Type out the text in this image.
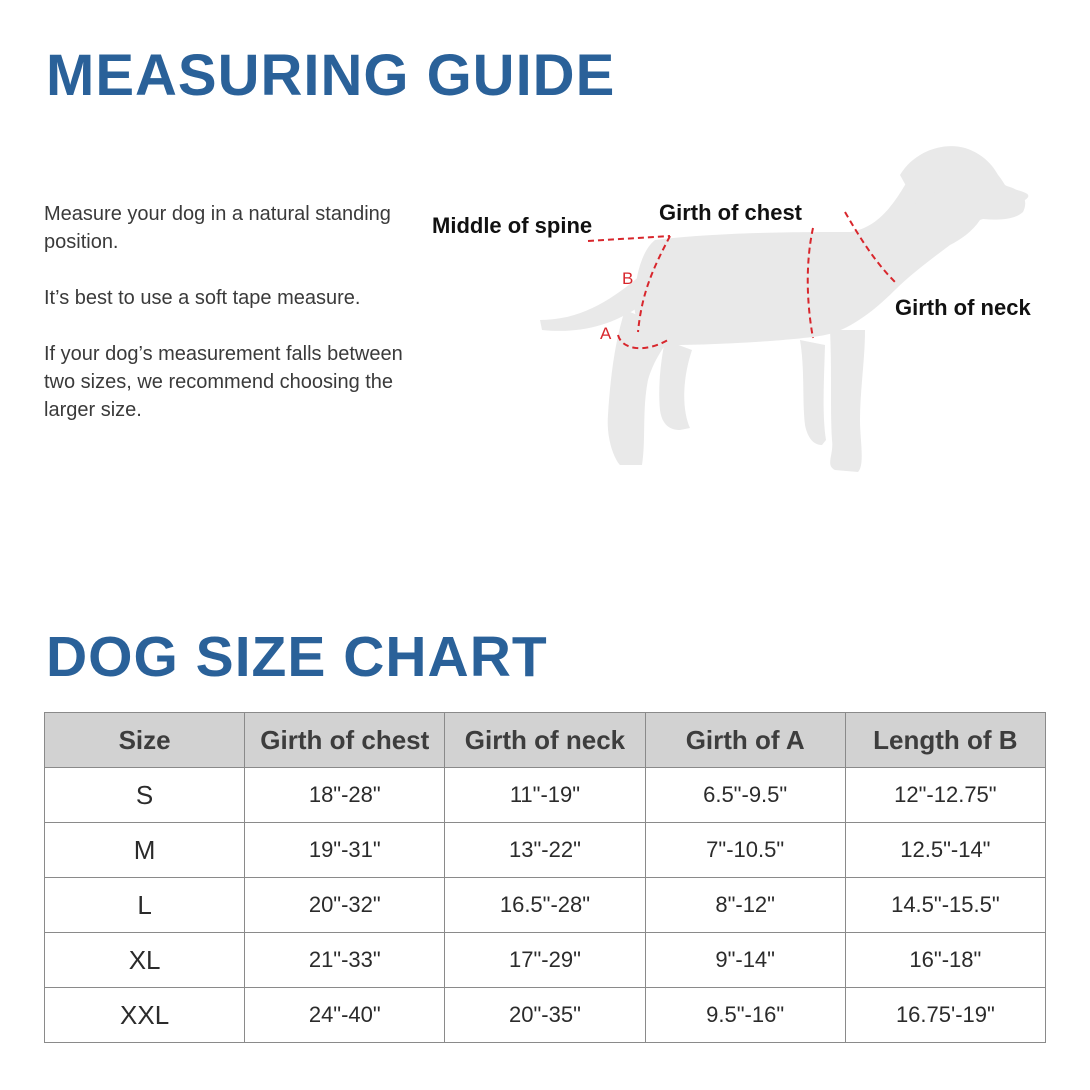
MEASURING GUIDE

Measure your dog in a natural standing position.

It’s best to use a soft tape measure.

If your dog’s measurement falls between two sizes, we recommend choosing the larger size.

Middle of spine
Girth of chest
Girth of neck
B
A
DOG SIZE CHART
Size	Girth of chest	Girth of neck	Girth of A	Length of B
S	18"-28"	11"-19"	6.5"-9.5"	12"-12.75"
M	19"-31"	13"-22"	7"-10.5"	12.5"-14"
L	20"-32"	16.5"-28"	8"-12"	14.5"-15.5"
XL	21"-33"	17"-29"	9"-14"	16"-18"
XXL	24"-40"	20"-35"	9.5"-16"	16.75'-19"
